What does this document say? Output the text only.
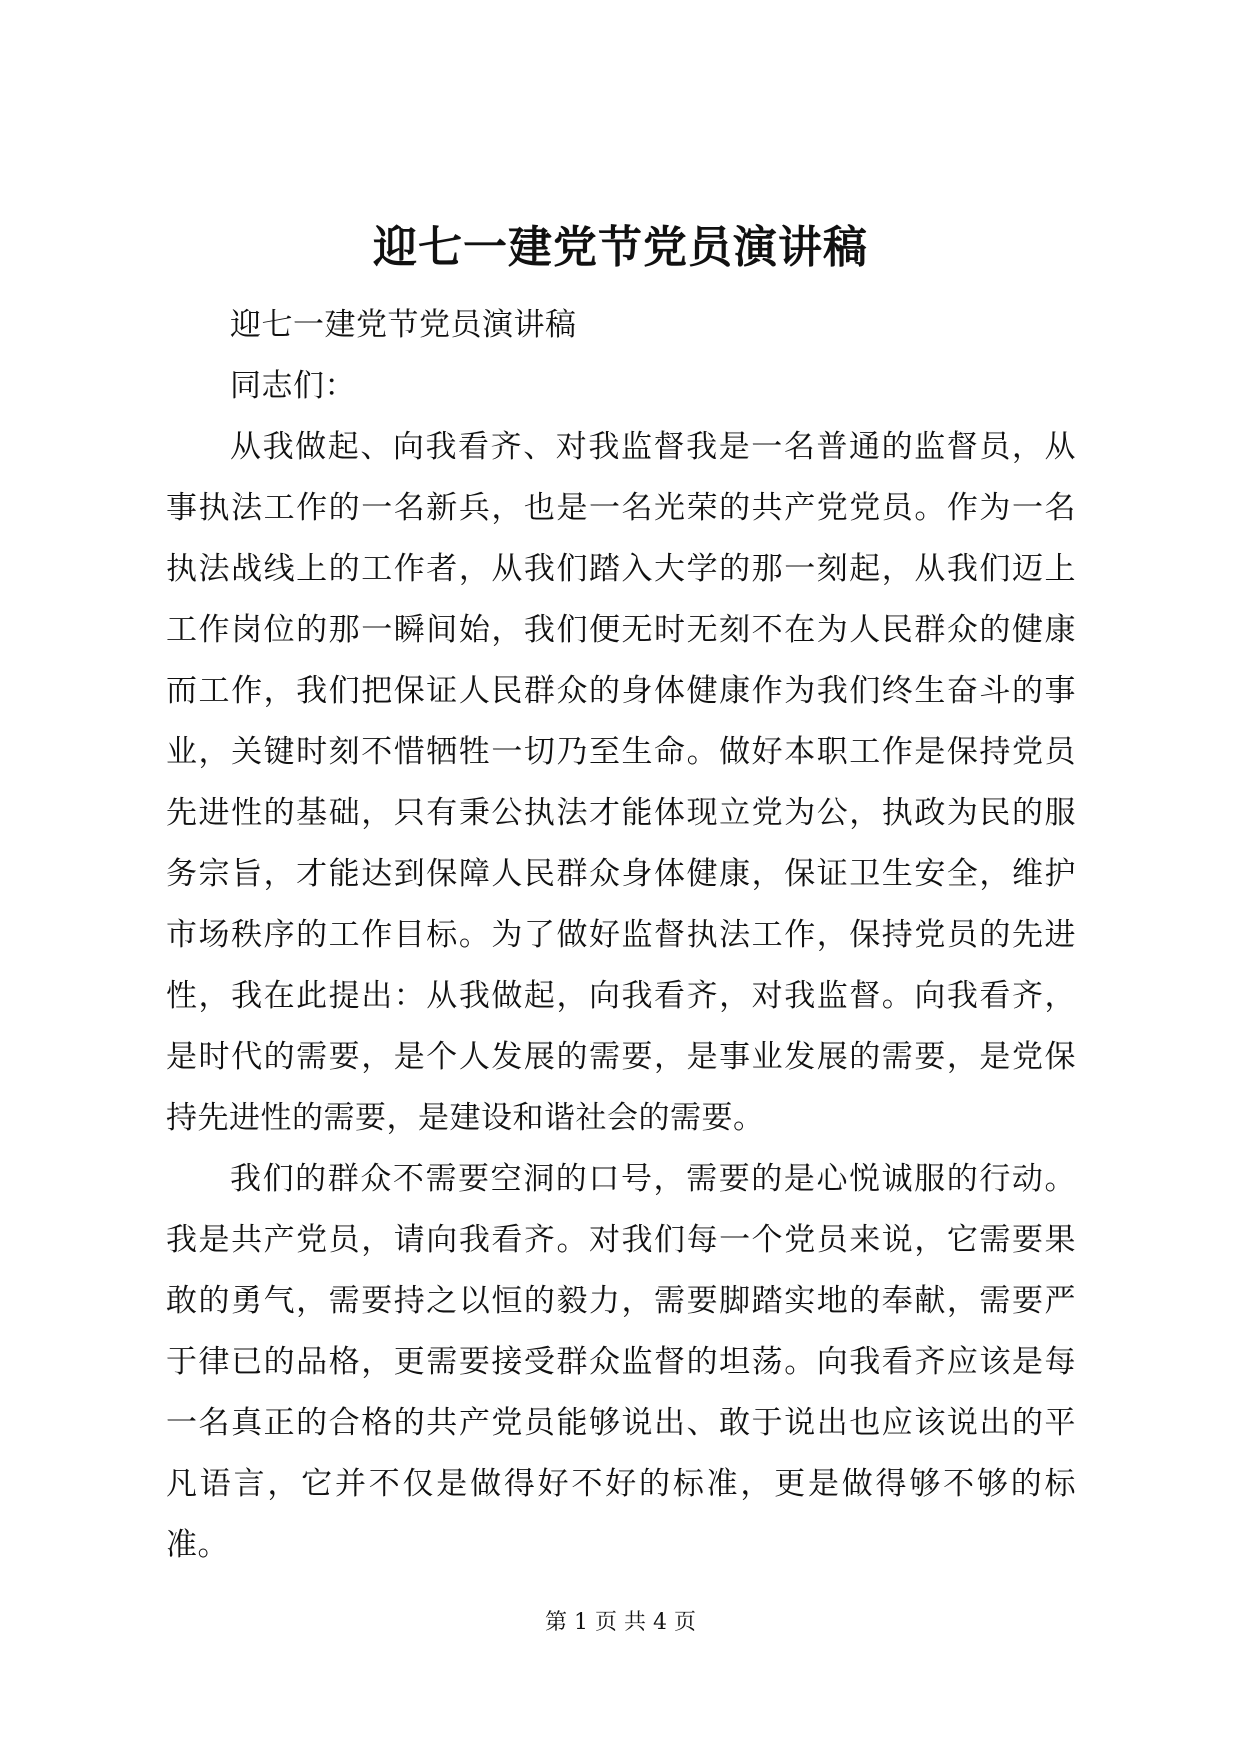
迎七一建党节党员演讲稿

迎七一建党节党员演讲稿

同志们：

从我做起、向我看齐、对我监督我是一名普通的监督员，从事执法工作的一名新兵，也是一名光荣的共产党党员。作为一名执法战线上的工作者，从我们踏入大学的那一刻起，从我们迈上工作岗位的那一瞬间始，我们便无时无刻不在为人民群众的健康而工作，我们把保证人民群众的身体健康作为我们终生奋斗的事业，关键时刻不惜牺牲一切乃至生命。做好本职工作是保持党员先进性的基础，只有秉公执法才能体现立党为公，执政为民的服务宗旨，才能达到保障人民群众身体健康，保证卫生安全，维护市场秩序的工作目标。为了做好监督执法工作，保持党员的先进性，我在此提出：从我做起，向我看齐，对我监督。向我看齐，是时代的需要，是个人发展的需要，是事业发展的需要，是党保持先进性的需要，是建设和谐社会的需要。

我们的群众不需要空洞的口号，需要的是心悦诚服的行动。我是共产党员，请向我看齐。对我们每一个党员来说，它需要果敢的勇气，需要持之以恒的毅力，需要脚踏实地的奉献，需要严于律已的品格，更需要接受群众监督的坦荡。向我看齐应该是每一名真正的合格的共产党员能够说出、敢于说出也应该说出的平凡语言，它并不仅是做得好不好的标准，更是做得够不够的标准。

第 1 页 共 4 页
